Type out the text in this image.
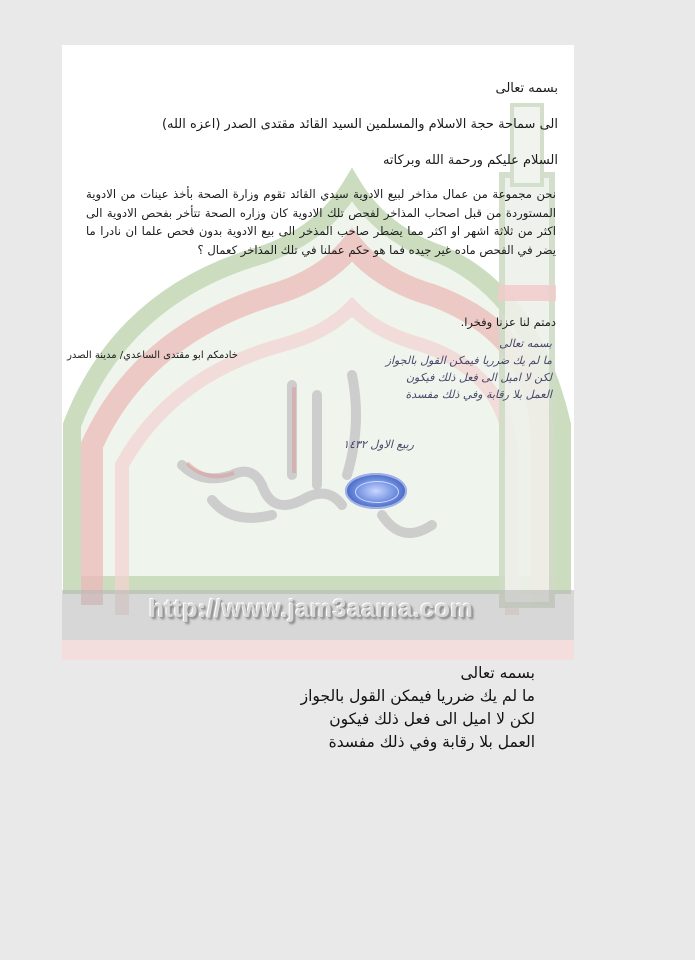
بسمه تعالى
الى سماحة حجة الاسلام والمسلمين السيد القائد مقتدى الصدر (اعزه الله)
السلام عليكم ورحمة الله وبركاته
نحن مجموعة من عمال مذاخر لبيع الادوية سيدي القائد تقوم وزارة الصحة بأخذ عينات من الادوية المستوردة من قبل اصحاب المذاخر لفحص تلك الادوية كان وزاره الصحة تتأخر بفحص الادوية الى اكثر من ثلاثة اشهر او اكثر مما يضطر صاحب المذخر الى بيع الادوية بدون فحص علما ان نادرا ما يضر في الفحص ماده غير جيده فما هو حكم عملنا في تلك المذاخر كعمال ؟
دمتم لنا عزنا وفخرا.
خادمكم ابو مقتدى الساعدي/ مدينة الصدر
بسمه تعالى
ما لم يك ضرريا فيمكن القول بالجواز
لكن لا اميل الى فعل ذلك فيكون
العمل بلا رقابة وفي ذلك مفسدة
ربيع الاول ١٤٣٢
http://www.jam3aama.com
بسمه تعالى
ما لم يك ضرريا فيمكن القول بالجواز
لكن لا اميل الى فعل ذلك فيكون
العمل بلا رقابة وفي ذلك مفسدة
